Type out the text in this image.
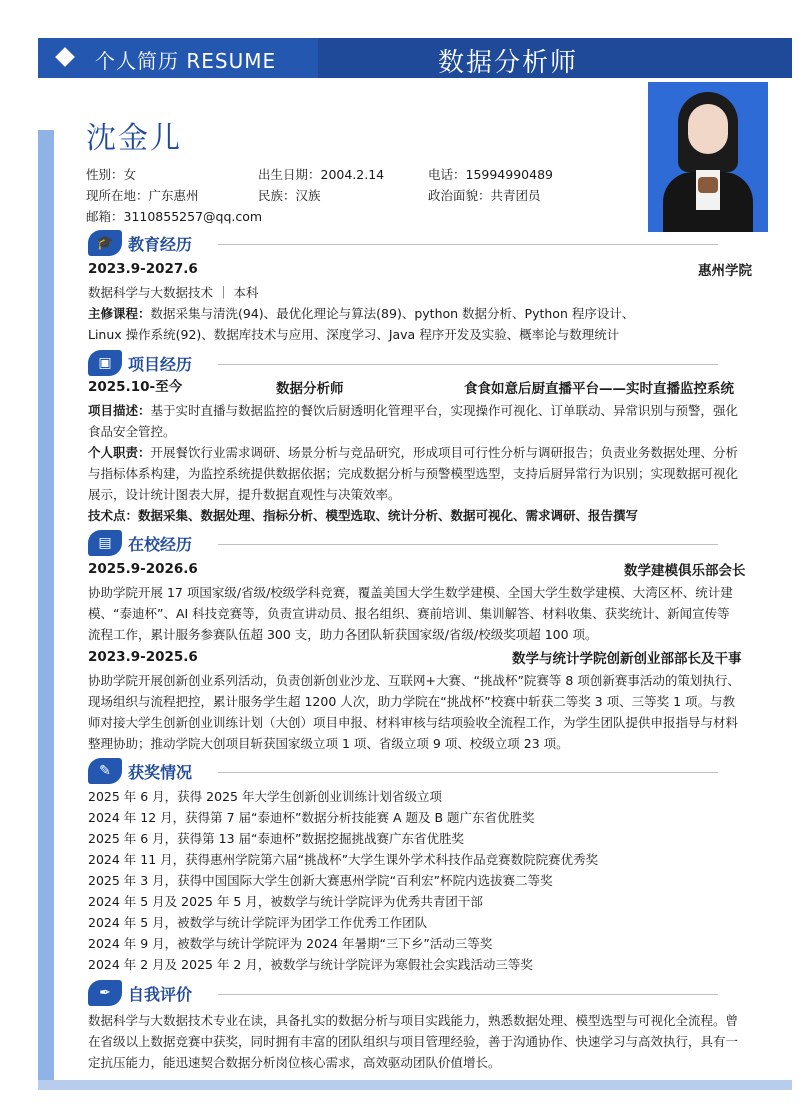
个人简历 RESUME	数据分析师
沈金儿
性别：女	出生日期：2004.2.14	电话：15994990489
现所在地：广东惠州	民族：汉族	政治面貌：共青团员
邮箱：3110855257@qq.com
🎓 教育经历
2023.9-2027.6	惠州学院
数据科学与大数据技术 ｜ 本科
主修课程：数据采集与清洗(94)、最优化理论与算法(89)、python 数据分析、Python 程序设计、
Linux 操作系统(92)、数据库技术与应用、深度学习、Java 程序开发及实验、概率论与数理统计
▣	项目经历
2025.10-至今	数据分析师	食食如意后厨直播平台——实时直播监控系统
项目描述：基于实时直播与数据监控的餐饮后厨透明化管理平台，实现操作可视化、订单联动、异常识别与预警，强化
食品安全管控。
个人职责：开展餐饮行业需求调研、场景分析与竞品研究，形成项目可行性分析与调研报告；负责业务数据处理、分析
与指标体系构建，为监控系统提供数据依据；完成数据分析与预警模型选型，支持后厨异常行为识别；实现数据可视化
展示，设计统计图表大屏，提升数据直观性与决策效率。
技术点：数据采集、数据处理、指标分析、模型选取、统计分析、数据可视化、需求调研、报告撰写
▤	在校经历
2025.9-2026.6	数学建模俱乐部会长
协助学院开展 17 项国家级/省级/校级学科竞赛，覆盖美国大学生数学建模、全国大学生数学建模、大湾区杯、统计建
模、“泰迪杯”、AI 科技竞赛等，负责宣讲动员、报名组织、赛前培训、集训解答、材料收集、获奖统计、新闻宣传等
流程工作，累计服务参赛队伍超 300 支，助力各团队斩获国家级/省级/校级奖项超 100 项。
2023.9-2025.6	数学与统计学院创新创业部部长及干事
协助学院开展创新创业系列活动，负责创新创业沙龙、互联网+大赛、“挑战杯”院赛等 8 项创新赛事活动的策划执行、
现场组织与流程把控，累计服务学生超 1200 人次，助力学院在“挑战杯”校赛中斩获二等奖 3 项、三等奖 1 项。与教
师对接大学生创新创业训练计划（大创）项目申报、材料审核与结项验收全流程工作，为学生团队提供申报指导与材料
整理协助；推动学院大创项目斩获国家级立项 1 项、省级立项 9 项、校级立项 23 项。
✎	获奖情况
2025 年 6 月，获得 2025 年大学生创新创业训练计划省级立项
2024 年 12 月，获得第 7 届“泰迪杯”数据分析技能赛 A 题及 B 题广东省优胜奖
2025 年 6 月，获得第 13 届“泰迪杯”数据挖掘挑战赛广东省优胜奖
2024 年 11 月，获得惠州学院第六届“挑战杯”大学生课外学术科技作品竞赛数院院赛优秀奖
2025 年 3 月，获得中国国际大学生创新大赛惠州学院“百利宏”杯院内选拔赛二等奖
2024 年 5 月及 2025 年 5 月，被数学与统计学院评为优秀共青团干部
2024 年 5 月，被数学与统计学院评为团学工作优秀工作团队
2024 年 9 月，被数学与统计学院评为 2024 年暑期“三下乡”活动三等奖
2024 年 2 月及 2025 年 2 月，被数学与统计学院评为寒假社会实践活动三等奖
✒	自我评价
数据科学与大数据技术专业在读，具备扎实的数据分析与项目实践能力，熟悉数据处理、模型选型与可视化全流程。曾
在省级以上数据竞赛中获奖，同时拥有丰富的团队组织与项目管理经验，善于沟通协作、快速学习与高效执行，具有一
定抗压能力，能迅速契合数据分析岗位核心需求，高效驱动团队价值增长。
